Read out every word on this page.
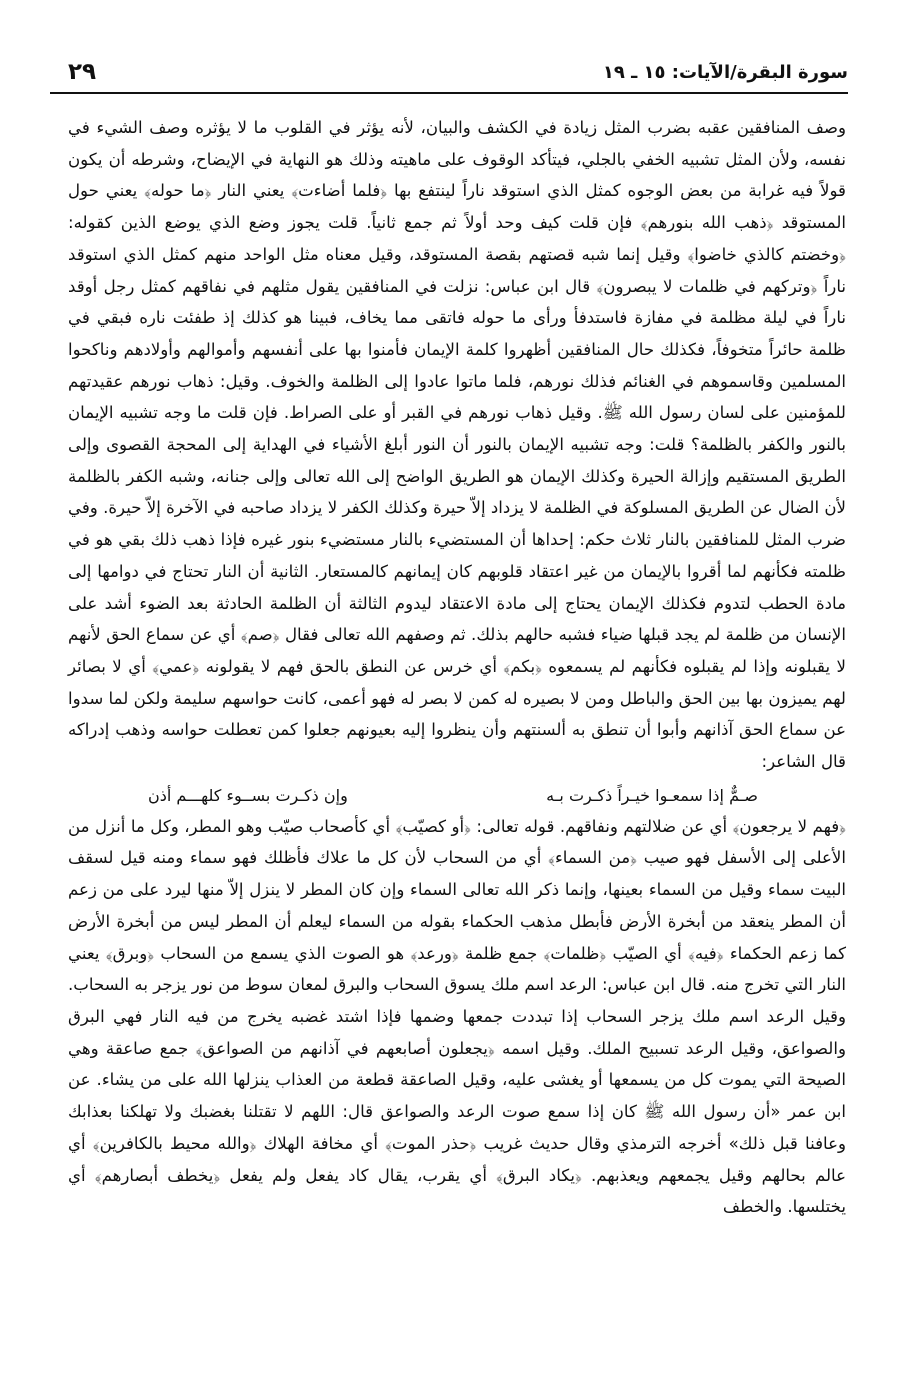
سورة البقرة/الآيات: ١٥ ـ ١٩
٢٩

وصف المنافقين عقبه بضرب المثل زيادة في الكشف والبيان، لأنه يؤثر في القلوب ما لا يؤثره وصف الشيء في نفسه، ولأن المثل تشبيه الخفي بالجلي، فيتأكد الوقوف على ماهيته وذلك هو النهاية في الإيضاح، وشرطه أن يكون قولاً فيه غرابة من بعض الوجوه كمثل الذي استوقد ناراً لينتفع بها ﴿فلما أضاءت﴾ يعني النار ﴿ما حوله﴾ يعني حول المستوقد ﴿ذهب الله بنورهم﴾ فإن قلت كيف وحد أولاً ثم جمع ثانياً. قلت يجوز وضع الذي يوضع الذين كقوله: ﴿وخضتم كالذي خاضوا﴾ وقيل إنما شبه قصتهم بقصة المستوقد، وقيل معناه مثل الواحد منهم كمثل الذي استوقد ناراً ﴿وتركهم في ظلمات لا يبصرون﴾ قال ابن عباس: نزلت في المنافقين يقول مثلهم في نفاقهم كمثل رجل أوقد ناراً في ليلة مظلمة في مفازة فاستدفأ ورأى ما حوله فاتقى مما يخاف، فبينا هو كذلك إذ طفئت ناره فبقي في ظلمة حائراً متخوفاً، فكذلك حال المنافقين أظهروا كلمة الإيمان فأمنوا بها على أنفسهم وأموالهم وأولادهم وناكحوا المسلمين وقاسموهم في الغنائم فذلك نورهم، فلما ماتوا عادوا إلى الظلمة والخوف. وقيل: ذهاب نورهم عقيدتهم للمؤمنين على لسان رسول الله ﷺ. وقيل ذهاب نورهم في القبر أو على الصراط. فإن قلت ما وجه تشبيه الإيمان بالنور والكفر بالظلمة؟ قلت: وجه تشبيه الإيمان بالنور أن النور أبلغ الأشياء في الهداية إلى المحجة القصوى وإلى الطريق المستقيم وإزالة الحيرة وكذلك الإيمان هو الطريق الواضح إلى الله تعالى وإلى جنانه، وشبه الكفر بالظلمة لأن الضال عن الطريق المسلوكة في الظلمة لا يزداد إلاّ حيرة وكذلك الكفر لا يزداد صاحبه في الآخرة إلاّ حيرة. وفي ضرب المثل للمنافقين بالنار ثلاث حكم: إحداها أن المستضيء بالنار مستضيء بنور غيره فإذا ذهب ذلك بقي هو في ظلمته فكأنهم لما أقروا بالإيمان من غير اعتقاد قلوبهم كان إيمانهم كالمستعار. الثانية أن النار تحتاج في دوامها إلى مادة الحطب لتدوم فكذلك الإيمان يحتاج إلى مادة الاعتقاد ليدوم الثالثة أن الظلمة الحادثة بعد الضوء أشد على الإنسان من ظلمة لم يجد قبلها ضياء فشبه حالهم بذلك. ثم وصفهم الله تعالى فقال ﴿صم﴾ أي عن سماع الحق لأنهم لا يقبلونه وإذا لم يقبلوه فكأنهم لم يسمعوه ﴿بكم﴾ أي خرس عن النطق بالحق فهم لا يقولونه ﴿عمي﴾ أي لا بصائر لهم يميزون بها بين الحق والباطل ومن لا بصيره له كمن لا بصر له فهو أعمى، كانت حواسهم سليمة ولكن لما سدوا عن سماع الحق آذانهم وأبوا أن تنطق به ألسنتهم وأن ينظروا إليه بعيونهم جعلوا كمن تعطلت حواسه وذهب إدراكه قال الشاعر:

صـمٌّ إذا سمعـوا خيـراً ذكـرت بـه
وإن ذكـرت بســوء كلهـــم أذن

﴿فهم لا يرجعون﴾ أي عن ضلالتهم ونفاقهم. قوله تعالى: ﴿أو كصيّب﴾ أي كأصحاب صيّب وهو المطر، وكل ما أنزل من الأعلى إلى الأسفل فهو صيب ﴿من السماء﴾ أي من السحاب لأن كل ما علاك فأظلك فهو سماء ومنه قيل لسقف البيت سماء وقيل من السماء بعينها، وإنما ذكر الله تعالى السماء وإن كان المطر لا ينزل إلاّ منها ليرد على من زعم أن المطر ينعقد من أبخرة الأرض فأبطل مذهب الحكماء بقوله من السماء ليعلم أن المطر ليس من أبخرة الأرض كما زعم الحكماء ﴿فيه﴾ أي الصيّب ﴿ظلمات﴾ جمع ظلمة ﴿ورعد﴾ هو الصوت الذي يسمع من السحاب ﴿وبرق﴾ يعني النار التي تخرج منه. قال ابن عباس: الرعد اسم ملك يسوق السحاب والبرق لمعان سوط من نور يزجر به السحاب. وقيل الرعد اسم ملك يزجر السحاب إذا تبددت جمعها وضمها فإذا اشتد غضبه يخرج من فيه النار فهي البرق والصواعق، وقيل الرعد تسبيح الملك. وقيل اسمه ﴿يجعلون أصابعهم في آذانهم من الصواعق﴾ جمع صاعقة وهي الصيحة التي يموت كل من يسمعها أو يغشى عليه، وقيل الصاعقة قطعة من العذاب ينزلها الله على من يشاء. عن ابن عمر «أن رسول الله ﷺ كان إذا سمع صوت الرعد والصواعق قال: اللهم لا تقتلنا بغضبك ولا تهلكنا بعذابك وعافنا قبل ذلك» أخرجه الترمذي وقال حديث غريب ﴿حذر الموت﴾ أي مخافة الهلاك ﴿والله محيط بالكافرين﴾ أي عالم بحالهم وقيل يجمعهم ويعذبهم. ﴿يكاد البرق﴾ أي يقرب، يقال كاد يفعل ولم يفعل ﴿يخطف أبصارهم﴾ أي يختلسها. والخطف
